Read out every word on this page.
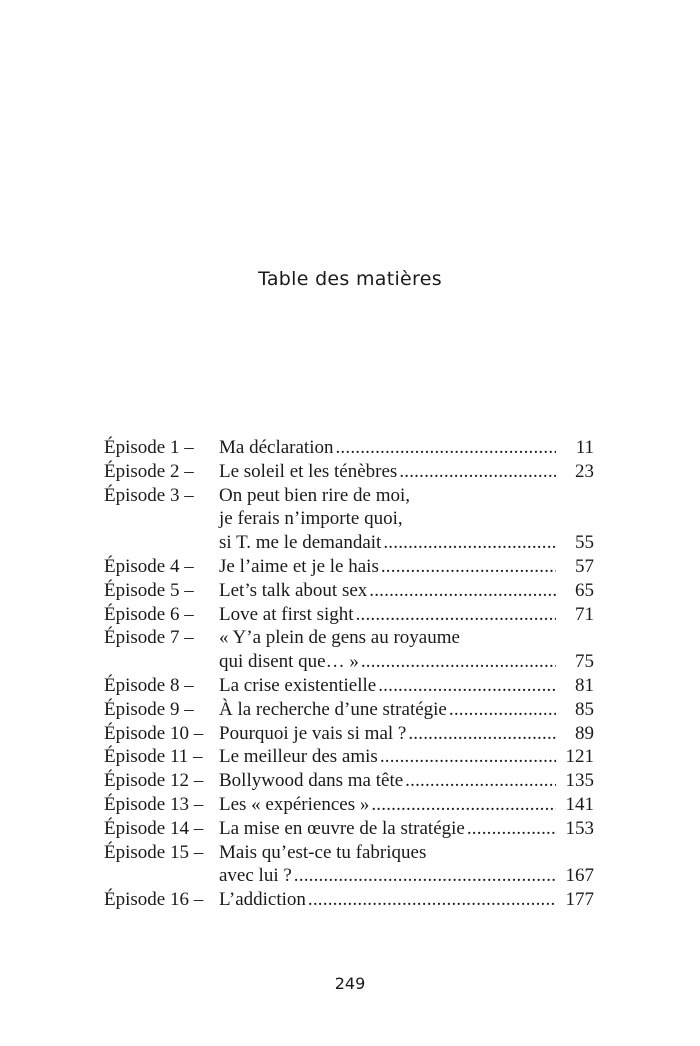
Table des matières
Épisode 1 –	Ma déclaration .....	11
Épisode 2 –	Le soleil et les ténèbres .....	23
Épisode 3 –	On peut bien rire de moi,
je ferais n’importe quoi,
si T. me le demandait .....	55
Épisode 4 –	Je l’aime et je le hais .....	57
Épisode 5 –	Let’s talk about sex .....	65
Épisode 6 –	Love at first sight .....	71
Épisode 7 –	« Y’a plein de gens au royaume
qui disent que… » .....	75
Épisode 8 –	La crise existentielle .....	81
Épisode 9 –	À la recherche d’une stratégie .....	85
Épisode 10 – Pourquoi je vais si mal ? .....	89
Épisode 11 – Le meilleur des amis .....	121
Épisode 12 – Bollywood dans ma tête .....	135
Épisode 13 – Les « expériences » .....	141
Épisode 14 – La mise en œuvre de la stratégie .....	153
Épisode 15 – Mais qu’est-ce tu fabriques
avec lui ? .....	167
Épisode 16 – L’addiction .....	177
249
